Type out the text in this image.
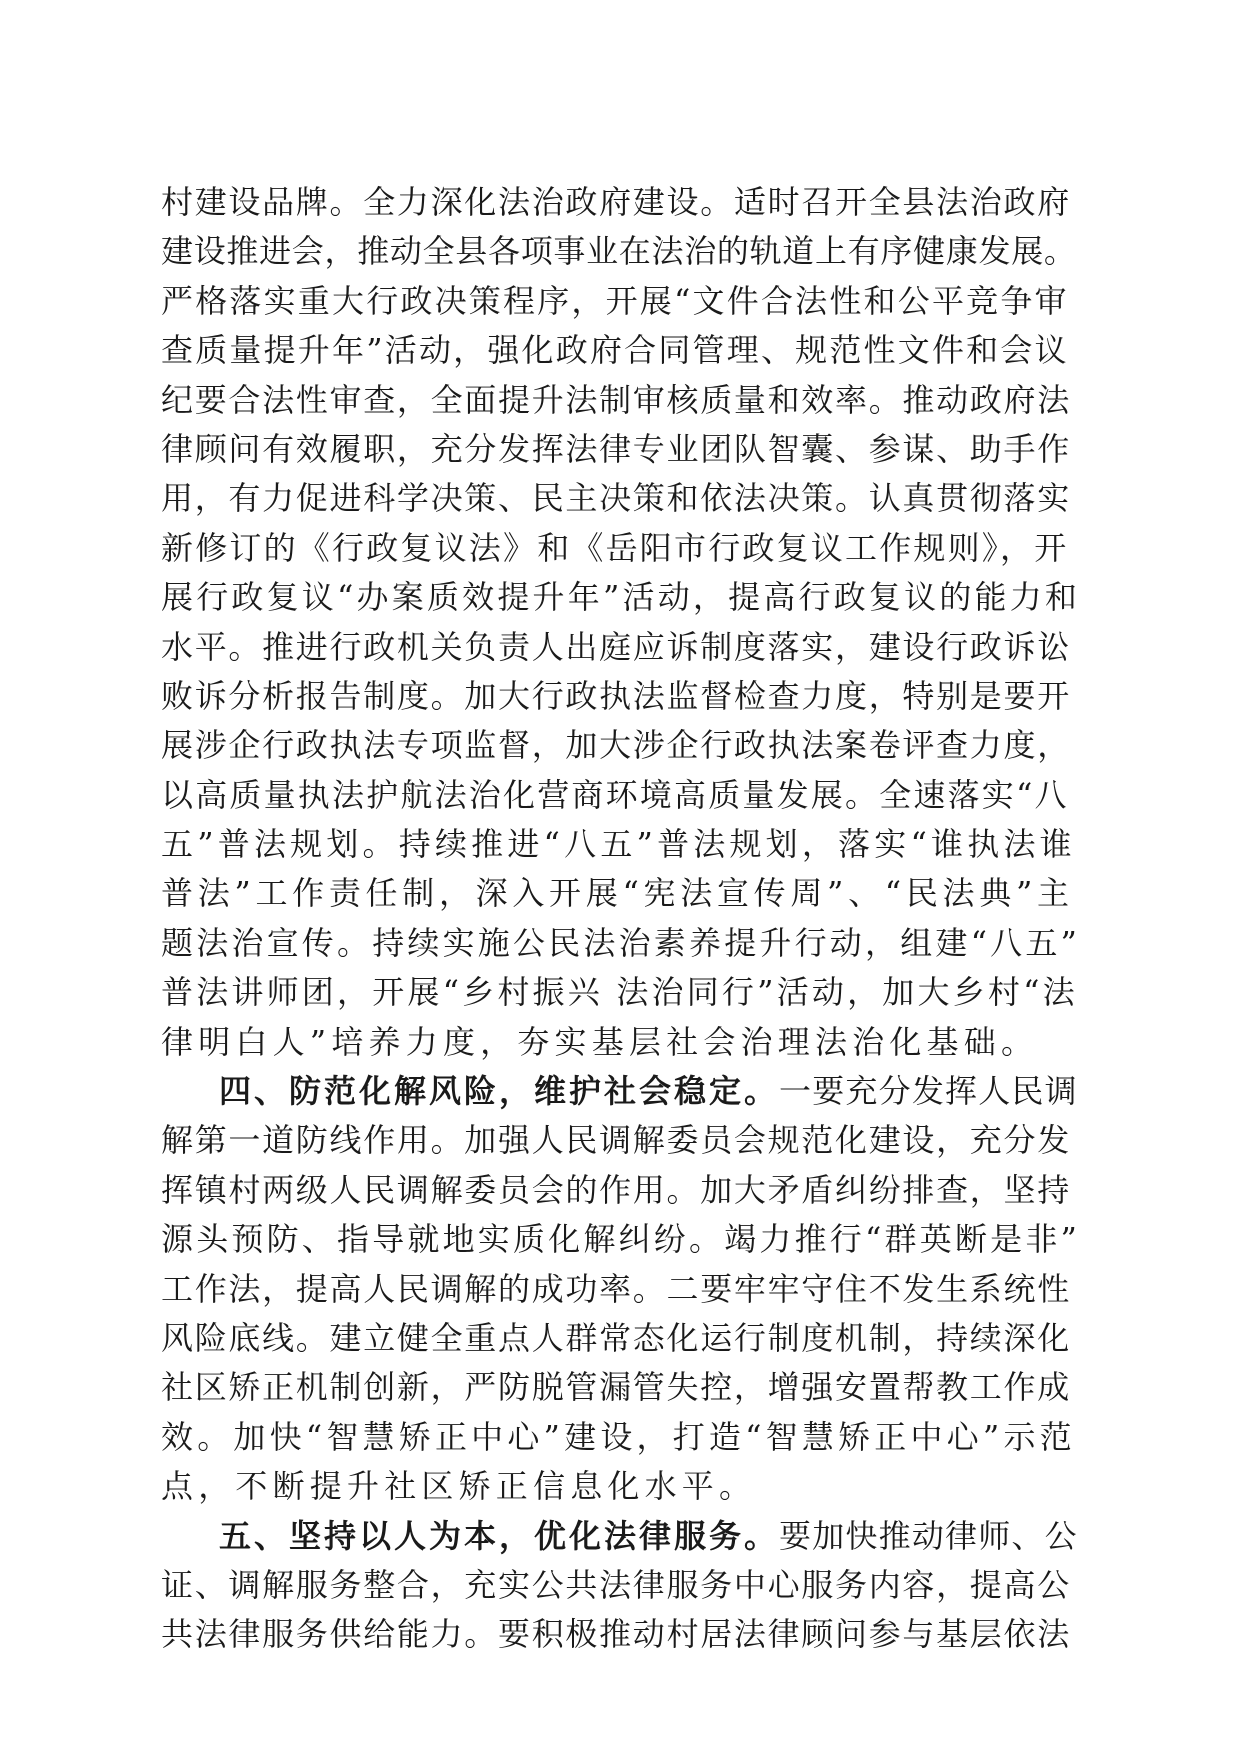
村建设品牌。全力深化法治政府建设。适时召开全县法治政府
建设推进会，推动全县各项事业在法治的轨道上有序健康发展。
严格落实重大行政决策程序，开展“文件合法性和公平竞争审
查质量提升年”活动，强化政府合同管理、规范性文件和会议
纪要合法性审查，全面提升法制审核质量和效率。推动政府法
律顾问有效履职，充分发挥法律专业团队智囊、参谋、助手作
用，有力促进科学决策、民主决策和依法决策。认真贯彻落实
新修订的《行政复议法》和《岳阳市行政复议工作规则》，开
展行政复议“办案质效提升年”活动，提高行政复议的能力和
水平。推进行政机关负责人出庭应诉制度落实，建设行政诉讼
败诉分析报告制度。加大行政执法监督检查力度，特别是要开
展涉企行政执法专项监督，加大涉企行政执法案卷评查力度，
以高质量执法护航法治化营商环境高质量发展。全速落实“八
五”普法规划。持续推进“八五”普法规划，落实“谁执法谁
普法”工作责任制，深入开展“宪法宣传周”、“民法典”主
题法治宣传。持续实施公民法治素养提升行动，组建“八五”
普法讲师团，开展“乡村振兴 法治同行”活动，加大乡村“法
律明白人”培养力度，夯实基层社会治理法治化基础。
四、防范化解风险，维护社会稳定。一要充分发挥人民调
解第一道防线作用。加强人民调解委员会规范化建设，充分发
挥镇村两级人民调解委员会的作用。加大矛盾纠纷排查，坚持
源头预防、指导就地实质化解纠纷。竭力推行“群英断是非”
工作法，提高人民调解的成功率。二要牢牢守住不发生系统性
风险底线。建立健全重点人群常态化运行制度机制，持续深化
社区矫正机制创新，严防脱管漏管失控，增强安置帮教工作成
效。加快“智慧矫正中心”建设，打造“智慧矫正中心”示范
点，不断提升社区矫正信息化水平。
五、坚持以人为本，优化法律服务。要加快推动律师、公
证、调解服务整合，充实公共法律服务中心服务内容，提高公
共法律服务供给能力。要积极推动村居法律顾问参与基层依法
